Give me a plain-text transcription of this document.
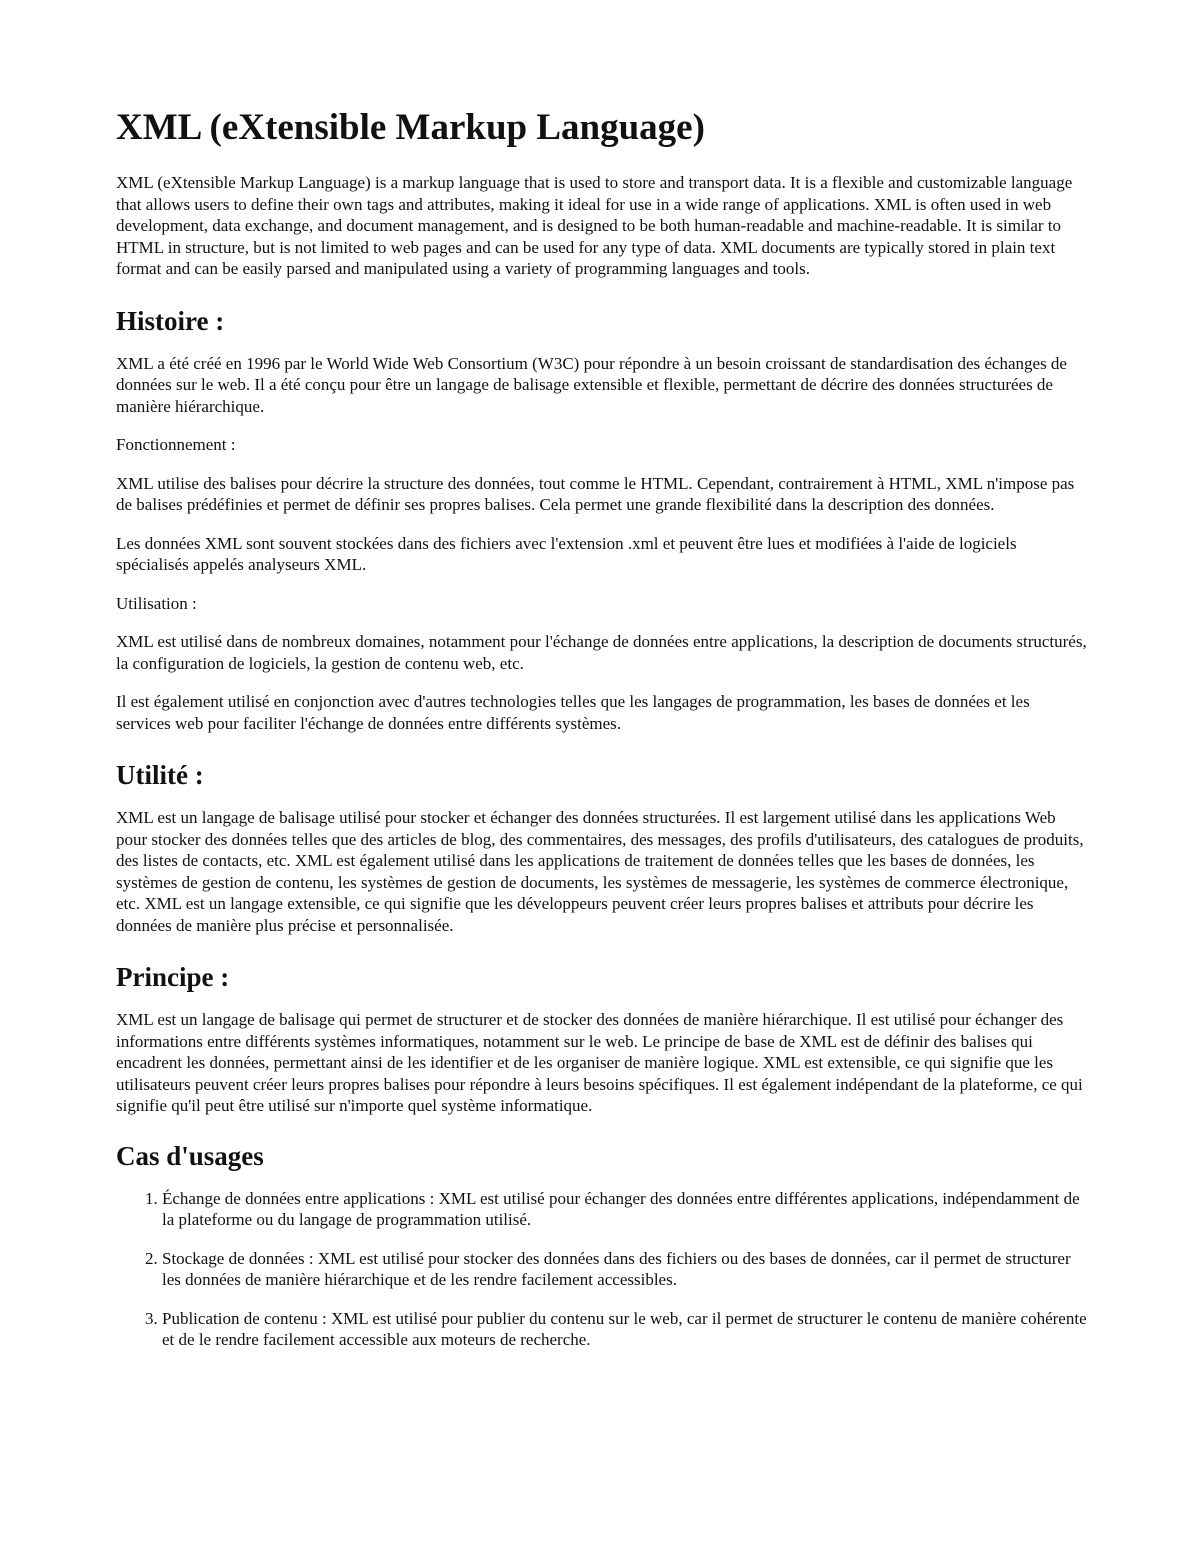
XML (eXtensible Markup Language)

XML (eXtensible Markup Language) is a markup language that is used to store and transport data. It is a flexible and customizable language that allows users to define their own tags and attributes, making it ideal for use in a wide range of applications. XML is often used in web development, data exchange, and document management, and is designed to be both human-readable and machine-readable. It is similar to HTML in structure, but is not limited to web pages and can be used for any type of data. XML documents are typically stored in plain text format and can be easily parsed and manipulated using a variety of programming languages and tools.

Histoire :

XML a été créé en 1996 par le World Wide Web Consortium (W3C) pour répondre à un besoin croissant de standardisation des échanges de données sur le web. Il a été conçu pour être un langage de balisage extensible et flexible, permettant de décrire des données structurées de manière hiérarchique.

Fonctionnement :

XML utilise des balises pour décrire la structure des données, tout comme le HTML. Cependant, contrairement à HTML, XML n'impose pas de balises prédéfinies et permet de définir ses propres balises. Cela permet une grande flexibilité dans la description des données.

Les données XML sont souvent stockées dans des fichiers avec l'extension .xml et peuvent être lues et modifiées à l'aide de logiciels spécialisés appelés analyseurs XML.

Utilisation :

XML est utilisé dans de nombreux domaines, notamment pour l'échange de données entre applications, la description de documents structurés, la configuration de logiciels, la gestion de contenu web, etc.

Il est également utilisé en conjonction avec d'autres technologies telles que les langages de programmation, les bases de données et les services web pour faciliter l'échange de données entre différents systèmes.

Utilité :

XML est un langage de balisage utilisé pour stocker et échanger des données structurées. Il est largement utilisé dans les applications Web pour stocker des données telles que des articles de blog, des commentaires, des messages, des profils d'utilisateurs, des catalogues de produits, des listes de contacts, etc. XML est également utilisé dans les applications de traitement de données telles que les bases de données, les systèmes de gestion de contenu, les systèmes de gestion de documents, les systèmes de messagerie, les systèmes de commerce électronique, etc. XML est un langage extensible, ce qui signifie que les développeurs peuvent créer leurs propres balises et attributs pour décrire les données de manière plus précise et personnalisée.

Principe :

XML est un langage de balisage qui permet de structurer et de stocker des données de manière hiérarchique. Il est utilisé pour échanger des informations entre différents systèmes informatiques, notamment sur le web. Le principe de base de XML est de définir des balises qui encadrent les données, permettant ainsi de les identifier et de les organiser de manière logique. XML est extensible, ce qui signifie que les utilisateurs peuvent créer leurs propres balises pour répondre à leurs besoins spécifiques. Il est également indépendant de la plateforme, ce qui signifie qu'il peut être utilisé sur n'importe quel système informatique.

Cas d'usages
1. Échange de données entre applications : XML est utilisé pour échanger des données entre différentes applications, indépendamment de la plateforme ou du langage de programmation utilisé.
2. Stockage de données : XML est utilisé pour stocker des données dans des fichiers ou des bases de données, car il permet de structurer les données de manière hiérarchique et de les rendre facilement accessibles.
3. Publication de contenu : XML est utilisé pour publier du contenu sur le web, car il permet de structurer le contenu de manière cohérente et de le rendre facilement accessible aux moteurs de recherche.
